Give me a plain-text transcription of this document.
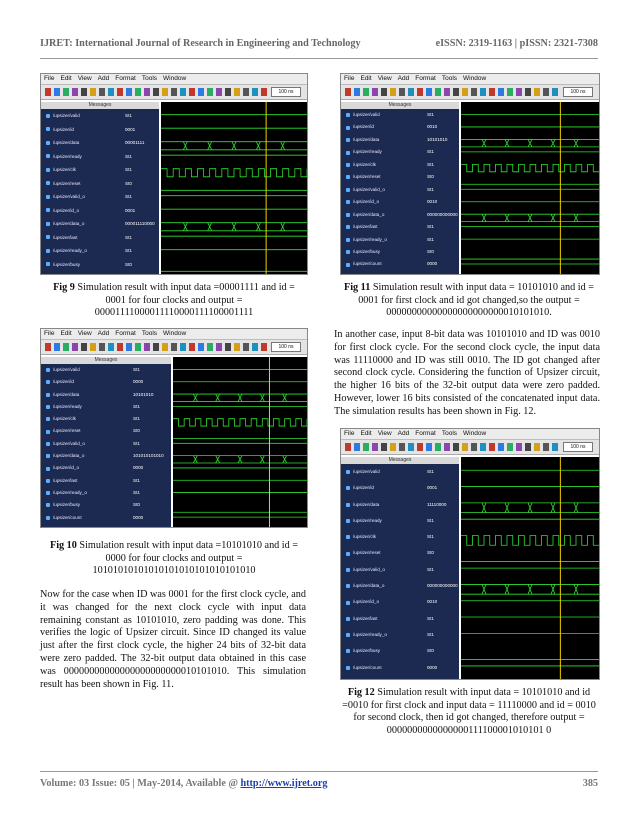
IJRET: International Journal of Research in Engineering and Technology	eISSN: 2319-1163 | pISSN: 2321-7308
File Edit View Add Format Tools Window
100 ns
Messages
/upsizer/valid	St1
/upsizer/id	0001
/upsizer/data	00001111
/upsizer/ready	St1
/upsizer/clk	St1
/upsizer/reset	St0
/upsizer/valid_o	St1
/upsizer/id_o	0001
/upsizer/data_o	000011110000
/upsizer/last	St1
/upsizer/ready_o	St1
/upsizer/busy	St0
Fig 9 Simulation result with input data =00001111 and id = 0001 for four clocks and output = 00001111000011110000111100001111
File Edit View Add Format Tools Window
100 ns
Messages
/upsizer/valid	St1
/upsizer/id	0000
/upsizer/data	10101010
/upsizer/ready	St1
/upsizer/clk	St1
/upsizer/reset	St0
/upsizer/valid_o	St1
/upsizer/data_o	101010101010
/upsizer/id_o	0000
/upsizer/last	St1
/upsizer/ready_o	St1
/upsizer/busy	St0
/upsizer/count	0000
Fig 10 Simulation result with input data =10101010 and id = 0000 for four clocks and output = 10101010101010101010101010101010
Now for the case when ID was 0001 for the first clock cycle, and it was changed for the next clock cycle with input data remaining constant as 10101010, zero padding was done. This verifies the logic of Upsizer circuit. Since ID changed its value just after the first clock cycle, the higher 24 bits of 32-bit data were zero padded. The 32-bit output data obtained in this case was 00000000000000000000000010101010. This simulation result has been shown in Fig. 11.
File Edit View Add Format Tools Window
100 ns
Messages
/upsizer/valid	St1
/upsizer/id	0010
/upsizer/data	10101010
/upsizer/ready	St1
/upsizer/clk	St1
/upsizer/reset	St0
/upsizer/valid_o	St1
/upsizer/id_o	0010
/upsizer/data_o	000000000000
/upsizer/last	St1
/upsizer/ready_o	St1
/upsizer/busy	St0
/upsizer/count	0000
Fig 11 Simulation result with input data = 10101010 and id = 0001 for first clock and id got changed,so the output = 00000000000000000000000010101010.
In another case, input 8-bit data was 10101010 and ID was 0010 for first clock cycle. For the second clock cycle, the input data was 11110000 and ID was still 0010. The ID got changed after second clock cycle. Considering the function of Upsizer circuit, the higher 16 bits of the 32-bit output data were zero padded. However, lower 16 bits consisted of the concatenated input data. The simulation results has been shown in Fig. 12.
File Edit View Add Format Tools Window
100 ns
Messages
/upsizer/valid	St1
/upsizer/id	0001
/upsizer/data	11110000
/upsizer/ready	St1
/upsizer/clk	St1
/upsizer/reset	St0
/upsizer/valid_o	St1
/upsizer/data_o	000000000000
/upsizer/id_o	0010
/upsizer/last	St1
/upsizer/ready_o	St1
/upsizer/busy	St0
/upsizer/count	0000
Fig 12 Simulation result with input data = 10101010 and id =0010 for first clock and input data = 11110000 and id = 0010 for second clock, then id got changed, therefore output = 0000000000000000111100001010101 0
Volume: 03 Issue: 05 | May-2014, Available @ http://www.ijret.org	385
